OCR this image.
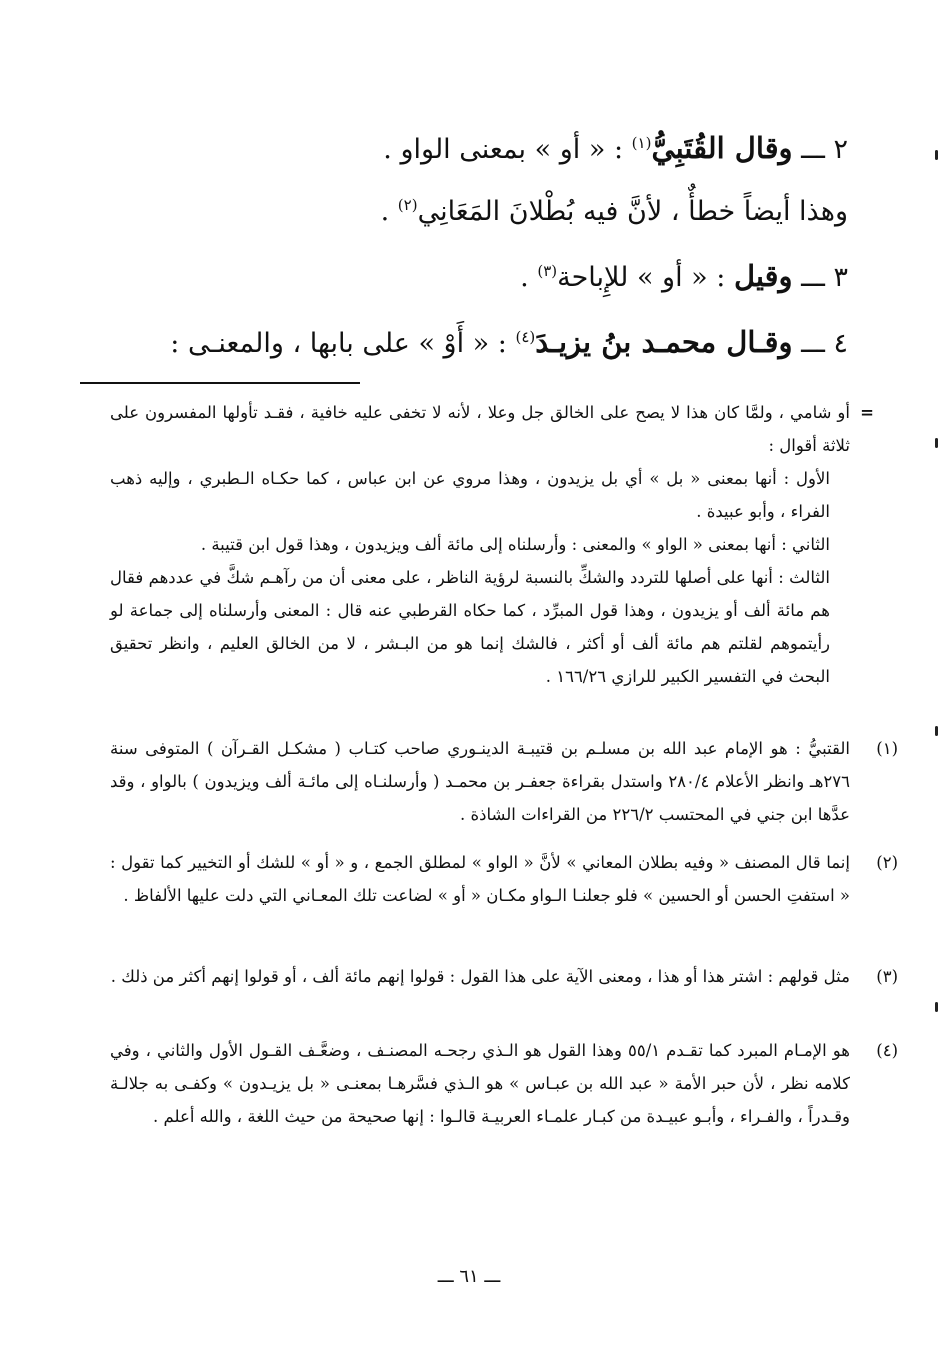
٢ ـــ وقال القُتَبِيُّ$^{(١)}$ : « أو » بمعنى الواو .
وهذا أيضاً خطأٌ ، لأنَّ فيه بُطْلانَ المَعَانِي$^{(٢)}$ .
٣ ـــ وقيل : « أو » للإِباحة$^{(٣)}$ .
٤ ـــ وقـال محمـد بنُ يزيـدَ$^{(٤)}$ : « أَوْ » على بابها ، والمعنـى :
=

أو شامي ، ولمَّا كان هذا لا يصح على الخالق جل وعلا ، لأنه لا تخفى عليه خافية ، فقـد تأولها المفسرون على ثلاثة أقوال :

الأول : أنها بمعنى « بل » أي بل يزيدون ، وهذا مروي عن ابن عباس ، كما حكـاه الـطبري ، وإليه ذهب الفراء ، وأبو عبيدة .

الثاني : أنها بمعنى « الواو » والمعنى : وأرسلناه إلى مائة ألف ويزيدون ، وهذا قول ابن قتيبة .

الثالث : أنها على أصلها للتردد والشكِّ بالنسبة لرؤية الناظر ، على معنى أن من رآهـم شكَّ في عددهم فقال هم مائة ألف أو يزيدون ، وهذا قول المبرِّد ، كما حكاه القرطبي عنه قال : المعنى وأرسلناه إلى جماعة لو رأيتموهم لقلتم هم مائة ألف أو أكثر ، فالشك إنما هو من البـشر ، لا من الخالق العليم ، وانظر تحقيق البحث في التفسير الكبير للرازي ١٦٦/٢٦ .

(١)

القتبيُّ : هو الإمام عبد الله بن مسلـم بن قتيبـة الدينـوري صاحب كتـاب ( مشكـل القـرآن ) المتوفى سنة ٢٧٦هـ وانظر الأعلام ٢٨٠/٤ واستدل بقراءة جعفـر بن محمـد ( وأرسلنـاه إلى مائـة ألف ويزيدون ) بالواو ، وقد عدَّها ابن جني في المحتسب ٢٢٦/٢ من القراءات الشاذة .

(٢)

إنما قال المصنف « وفيه بطلان المعاني » لأنَّ « الواو » لمطلق الجمع ، و « أو » للشك أو التخيير كما تقول : « استفتِ الحسن أو الحسين » فلو جعلنـا الـواو مكـان « أو » لضاعت تلك المعـاني التي دلت عليها الألفاظ .

(٣)

مثل قولهم : اشتر هذا أو هذا ، ومعنى الآية على هذا القول : قولوا إنهم مائة ألف ، أو قولوا إنهم أكثر من ذلك .

(٤)

هو الإمـام المبرد كما تقـدم ٥٥/١ وهذا القول هو الـذي رجحـه المصنـف ، وضعَّـف القـول الأول والثاني ، وفي كلامه نظر ، لأن حبر الأمة « عبد الله بن عبـاس » هو الـذي فسَّرهـا بمعنـى « بل يزيـدون » وكفـى به جلالـة وقـدراً ، والفـراء ، وأبـو عبيـدة من كبـار علمـاء العربيـة قالـوا : إنها صحيحة من حيث اللغة ، والله أعلم .

ـــ ٦١ ـــ
